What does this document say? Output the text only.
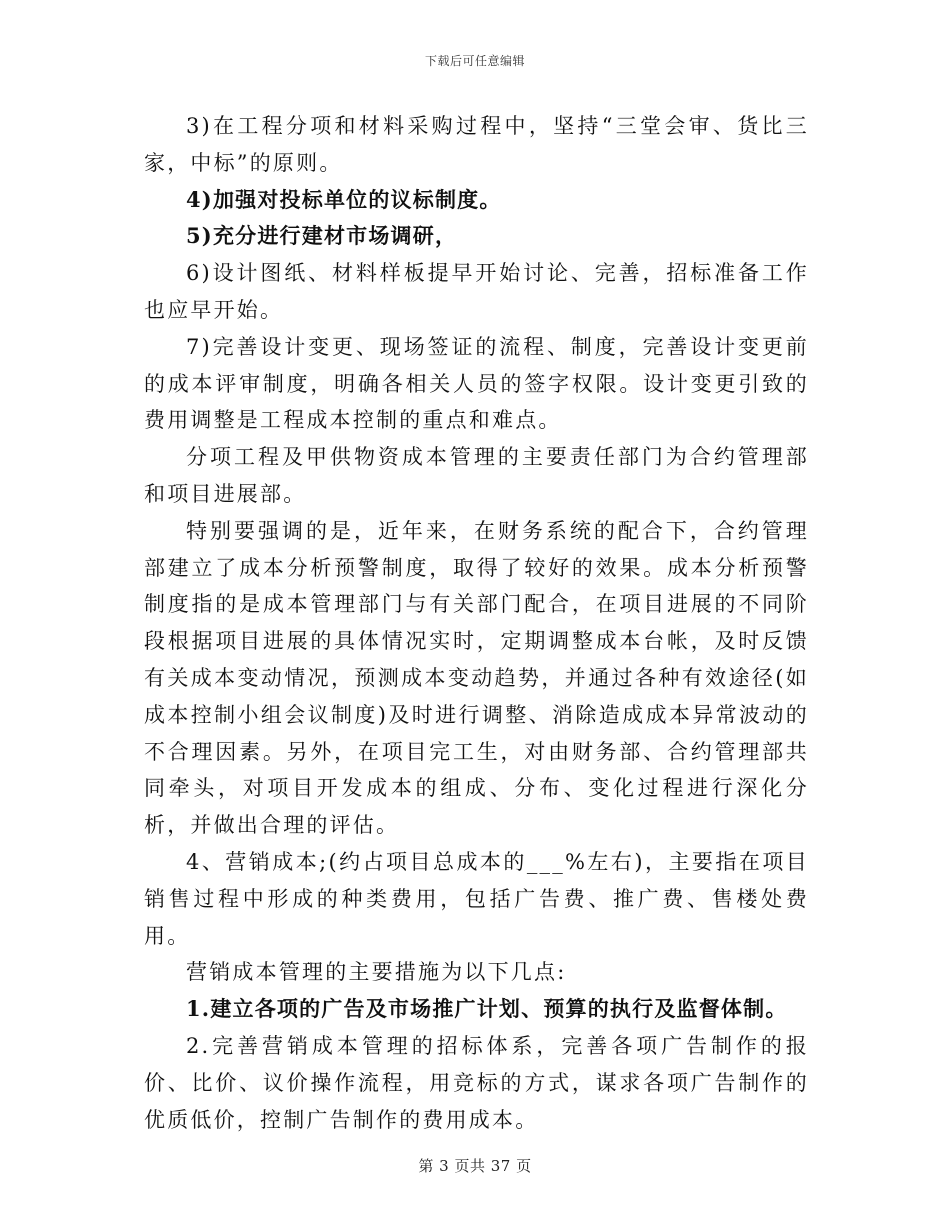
下载后可任意编辑

3)在工程分项和材料采购过程中，坚持“三堂会审、货比三家，中标”的原则。

4)加强对投标单位的议标制度。

5)充分进行建材市场调研，

6)设计图纸、材料样板提早开始讨论、完善，招标准备工作也应早开始。

7)完善设计变更、现场签证的流程、制度，完善设计变更前的成本评审制度，明确各相关人员的签字权限。设计变更引致的费用调整是工程成本控制的重点和难点。

分项工程及甲供物资成本管理的主要责任部门为合约管理部和项目进展部。

特别要强调的是，近年来，在财务系统的配合下，合约管理部建立了成本分析预警制度，取得了较好的效果。成本分析预警制度指的是成本管理部门与有关部门配合，在项目进展的不同阶段根据项目进展的具体情况实时，定期调整成本台帐，及时反馈有关成本变动情况，预测成本变动趋势，并通过各种有效途径(如成本控制小组会议制度)及时进行调整、消除造成成本异常波动的不合理因素。另外，在项目完工生，对由财务部、合约管理部共同牵头，对项目开发成本的组成、分布、变化过程进行深化分析，并做出合理的评估。

4、营销成本;(约占项目总成本的___%左右)，主要指在项目销售过程中形成的种类费用，包括广告费、推广费、售楼处费用。

营销成本管理的主要措施为以下几点:

1.建立各项的广告及市场推广计划、预算的执行及监督体制。

2.完善营销成本管理的招标体系，完善各项广告制作的报价、比价、议价操作流程，用竞标的方式，谋求各项广告制作的优质低价，控制广告制作的费用成本。

第 3 页共 37 页
